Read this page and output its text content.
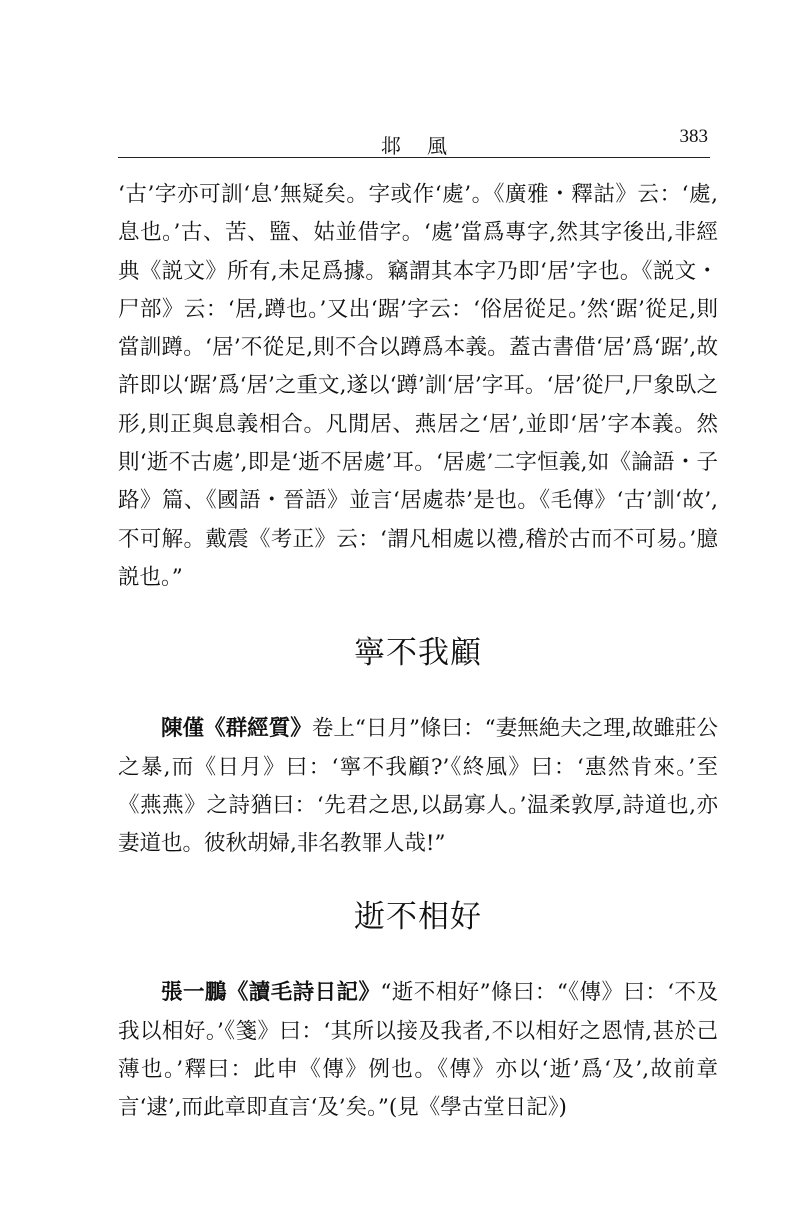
邶風	383

‘古’字亦可訓‘息’無疑矣。字或作‘處’。《廣雅・釋詁》云：‘處,息也。’古、苦、盬、姑並借字。‘處’當爲專字,然其字後出,非經典《説文》所有,未足爲據。竊謂其本字乃即‘居’字也。《説文・尸部》云：‘居,蹲也。’又出‘踞’字云：‘俗居從足。’然‘踞’從足,則當訓蹲。‘居’不從足,則不合以蹲爲本義。蓋古書借‘居’爲‘踞’,故許即以‘踞’爲‘居’之重文,遂以‘蹲’訓‘居’字耳。‘居’從尸,尸象臥之形,則正與息義相合。凡閒居、燕居之‘居’,並即‘居’字本義。然則‘逝不古處’,即是‘逝不居處’耳。‘居處’二字恒義,如《論語・子路》篇、《國語・晉語》並言‘居處恭’是也。《毛傳》‘古’訓‘故’,不可解。戴震《考正》云：‘謂凡相處以禮,稽於古而不可易。’臆説也。”

寧不我顧

陳僅《群經質》卷上“日月”條曰：“妻無絶夫之理,故雖莊公之暴,而《日月》曰：‘寧不我顧?’《終風》曰：‘惠然肯來。’至《燕燕》之詩猶曰：‘先君之思,以勗寡人。’温柔敦厚,詩道也,亦妻道也。彼秋胡婦,非名教罪人哉!”

逝不相好

張一鵬《讀毛詩日記》“逝不相好”條曰：“《傳》曰：‘不及我以相好。’《箋》曰：‘其所以接及我者,不以相好之恩情,甚於己薄也。’釋曰：此申《傳》例也。《傳》亦以‘逝’爲‘及’,故前章言‘逮’,而此章即直言‘及’矣。”(見《學古堂日記》)
